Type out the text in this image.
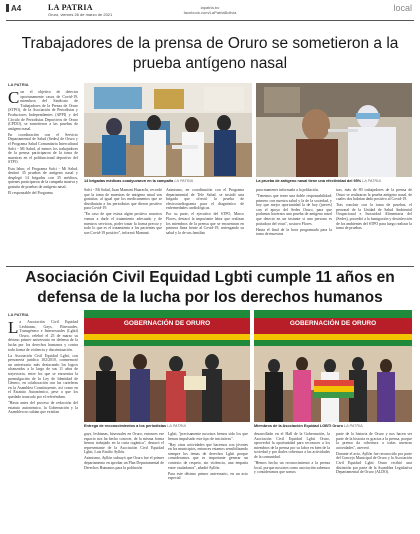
A4	LA PATRIA
Oruro, viernes 26 de marzo de 2021
lapatria.bo
facebook.com/LaPatriaBolivia	local
Trabajadores de la prensa de Oruro se sometieron a la prueba antígeno nasal
LA PATRIA

Con el objetivo de detectar oportunamente casos de Covid-19, miembros del Sindicato de Trabajadores de la Prensa de Oruro (STPO), de la Asociación de Periodistas y Productores Independientes (APPI) y del Círculo de Periodistas Deportivos de Oruro (CPDO), se sometieron a las pruebas de antígeno nasal.

En coordinación con el Servicio Departamental de Salud (Sedes) de Oruro y el Programa Salud Comunitaria Intercultural Safci - Mi Salud, al menos los trabajadores de la prensa participaron de la toma de muestras en el polifuncional deportivo del STPO.

Esta labor, el Programa Safci - Mi Salud, destinó 35 pruebas de antígeno nasal y desplegó 14 brigadas con 35 médicos, quienes participaron de la campaña masiva y gratuita de pruebas de antígeno nasal.

El responsable del Programa

14 brigadas médicas coadyuvaron en la campaña LA PATRIA	La prueba de antígeno nasal tiene una efectividad del 95% LA PATRIA

Safci - Mi Salud, Juan Mamani Huarachi, recordó que la toma de muestras de antígeno nasal son gratuitas, al igual que los medicamentos que se distribuirán a los periodistas que dieron positivo para Covid-19.

"En caso de que exista algún positivo nosotros vamos a darle el tratamiento adecuado y de nuestros servicios, poder tratar la forma precoz y todo lo que es el tratamiento a los pacientes que son Covid-19 positivo", informó Mamani.

Asimismo, en coordinación con el Programa departamental de Tele Salud, se instaló una brigada que ofreció la prueba de electrocardiograma para el diagnóstico de enfermedades cardiológicas.

Por su parte, el ejecutivo del STPO, Marco Flores, destacó la importante labor que realizan los miembros de la prensa que se encuentran en primera línea frente al Covid-19, arriesgando su salud y la de sus familias

para mantener informada a la población.

"Tenemos que tener una doble responsabilidad: primero con nuestra salud y la de la sociedad, y hoy que mejor oportunidad la de hoy (jueves) con el apoyo del Sedes Oruro, para que podamos hacernos una prueba de antígeno nasal que detecta en un instante si una persona es portadora del virus", sostuvo Flores.

Hasta el final de la hora programada para la toma de muestras

tras, más de 80 trabajadores de la prensa de Oruro se realizaron la prueba antígeno nasal, de cuales dos habrían dado positivo al Covid-19.

Tras concluir con la toma de pruebas, el personal de la Unidad de Salud Ambiental Ocupacional e Inocuidad Alimentaria del (Sedes), procedió a la fumigación y desinfección de los ambientes del STPO para luego realizar la toma de pruebas.

Asociación Civil Equidad Lgbti cumple 11 años en defensa de la lucha por los derechos humanos
LA PATRIA

La Asociación Civil Equidad Lesbianas, Gays, Bisexuales, Transgénero e Intersexuales (Lgbti) Oruro, celebró el 25 de marzo su décimo primer aniversario en defensa de la lucha por los derechos humanos y contra toda forma de violencia y discriminación.

La Asociación Civil Equidad Lgbti, con personería jurídica 102/2010, conmemoró un aniversario más destacando los logros alcanzados a lo largo de sus 11 años de trayectoria, entre los que se encuentra la promulgación de la Ley de Identidad de Género, en colaboración con las carteleras en la Asamblea Constituyente, así como en el Estatuto Autonómico, pese a que los quedado truncado por el referéndum.

"Hasta antes del proceso de redacción del estatuto autonómico, la Gobernación y la Asamblea no sabían que existían

GOBERNACIÓN DE ORURO
Entrega de reconocimientos a los periodistas LA PATRIA
GOBERNACIÓN DE ORURO
Miembros de la Asociación Equidad LGBTI Oruro LA PATRIA

gays, lesbianas, bisexuales en Oruro, entonces ese espacio nos ha hecho conocer, de la misma forma hemos trabajado en la carta orgánica", destacó el representante de la Asociación Civil Equidad Lgbti, Luis Emilio Ayllón.

Asimismo, Ayllón subrayó que Oruro fue el primer departamento en aprobar un Plan Departamental de Derechos Humanos para la población

Lgbti, "precisamente nosotros hemos sido los que hemos impulsado este tipo de iniciativas".

"Hay otras actividades que hacemos con jóvenes en los municipios, entonces estamos sensibilizando siempre los temas de derechos Lgbti porque consideramos que es importante generar un contexto de respeto, sin violencia, una empatía entre ciudadanos", añadió Ayllón.

Para este décimo primer aniversario, en un acto especial

desarrollado en el Hall de la Gobernación, la Asociación Civil Equidad Lgbti Oruro, aprovechó la oportunidad para reconocer a los miembros de la prensa por su labor en bien de la sociedad y por darles cobertura a las actividades de la comunidad.

"Hemos hecho un reconocimiento a la prensa local, porque nosotros como asociación sabemos y consideramos que somos

parte de la historia de Oruro y nos hacen ser parte de la historia es gracias a la prensa, porque la prensa da cobertura a todas nuestras actividades", aseveró.

Durante el acto, Ayllón fue reconocido por parte del Concejo Municipal de Oruro y la Asociación Civil Equidad Lgbti Oruro recibió una distinción por parte de la Asamblea Legislativa Departamental de Oruro (ALDO).
